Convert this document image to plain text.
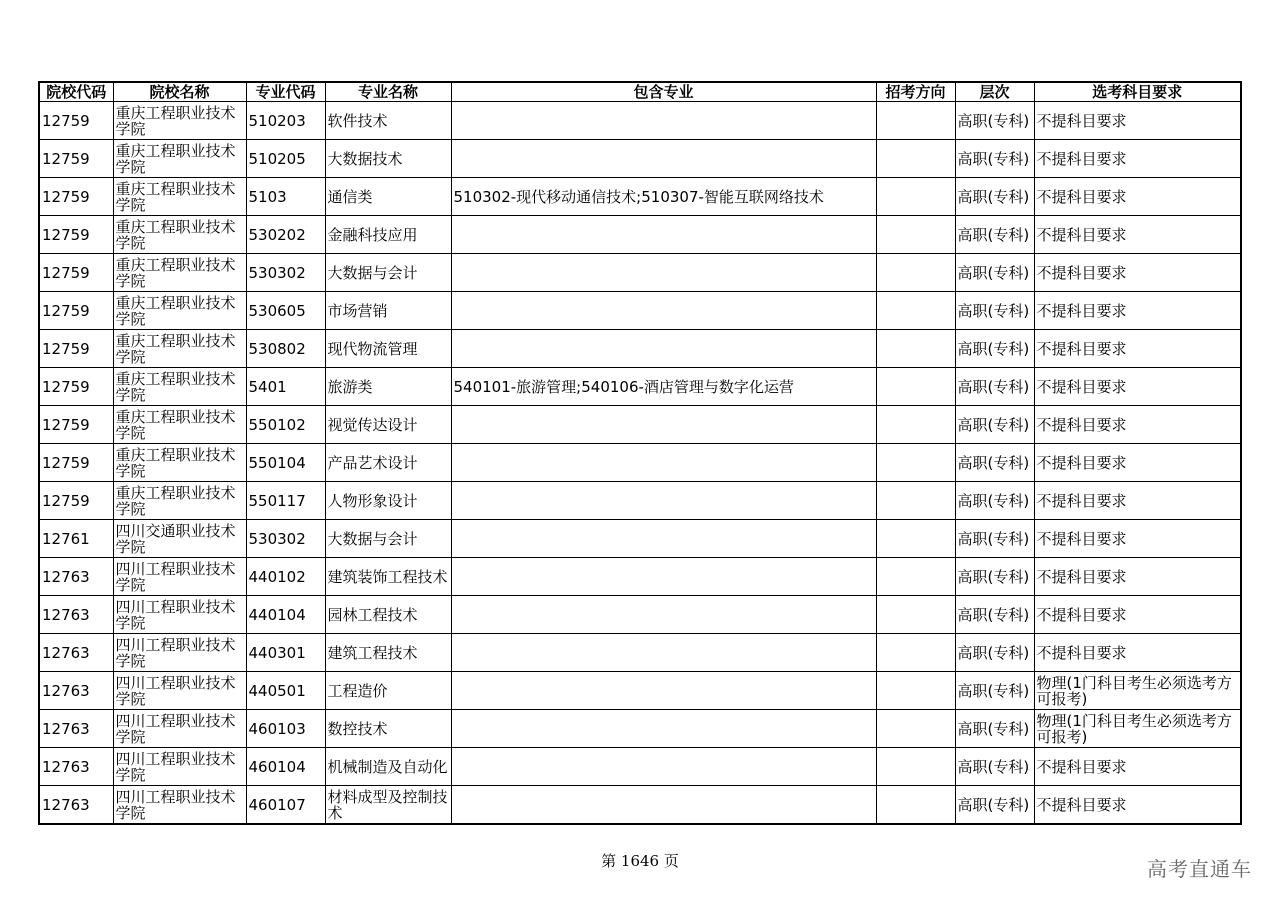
院校代码	院校名称	专业代码	专业名称	包含专业	招考方向	层次	选考科目要求
12759	重庆工程职业技术学院	510203	软件技术			高职(专科)	不提科目要求
12759	重庆工程职业技术学院	510205	大数据技术			高职(专科)	不提科目要求
12759	重庆工程职业技术学院	5103	通信类	510302-现代移动通信技术;510307-智能互联网络技术		高职(专科)	不提科目要求
12759	重庆工程职业技术学院	530202	金融科技应用			高职(专科)	不提科目要求
12759	重庆工程职业技术学院	530302	大数据与会计			高职(专科)	不提科目要求
12759	重庆工程职业技术学院	530605	市场营销			高职(专科)	不提科目要求
12759	重庆工程职业技术学院	530802	现代物流管理			高职(专科)	不提科目要求
12759	重庆工程职业技术学院	5401	旅游类	540101-旅游管理;540106-酒店管理与数字化运营		高职(专科)	不提科目要求
12759	重庆工程职业技术学院	550102	视觉传达设计			高职(专科)	不提科目要求
12759	重庆工程职业技术学院	550104	产品艺术设计			高职(专科)	不提科目要求
12759	重庆工程职业技术学院	550117	人物形象设计			高职(专科)	不提科目要求
12761	四川交通职业技术学院	530302	大数据与会计			高职(专科)	不提科目要求
12763	四川工程职业技术学院	440102	建筑装饰工程技术			高职(专科)	不提科目要求
12763	四川工程职业技术学院	440104	园林工程技术			高职(专科)	不提科目要求
12763	四川工程职业技术学院	440301	建筑工程技术			高职(专科)	不提科目要求
12763	四川工程职业技术学院	440501	工程造价			高职(专科)	物理(1门科目考生必须选考方可报考)
12763	四川工程职业技术学院	460103	数控技术			高职(专科)	物理(1门科目考生必须选考方可报考)
12763	四川工程职业技术学院	460104	机械制造及自动化			高职(专科)	不提科目要求
12763	四川工程职业技术学院	460107	材料成型及控制技术			高职(专科)	不提科目要求
第 1646 页	高考直通车
